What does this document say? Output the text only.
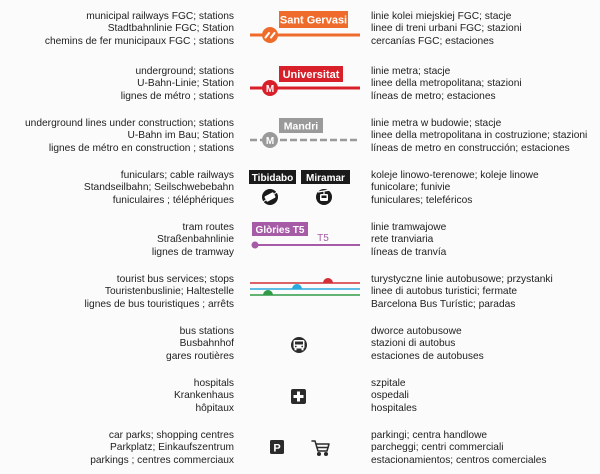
municipal railways FGC; stations
Stadtbahnlinie FGC; Station
chemins de fer municipaux FGC ; stations
Sant Gervasi linie kolei miejskiej FGC; stacje
linee di treni urbani FGC; stazioni
cercanías FGC; estaciones
underground; stations
U-Bahn-Linie; Station
lignes de métro ; stations
Universitat
M
linie metra; stacje
linee della metropolitana; stazioni
líneas de metro; estaciones
underground lines under construction; stations
U-Bahn im Bau; Station
lignes de métro en construction ; stations
Mandri
M
linie metra w budowie; stacje
linee della metropolitana in costruzione; stazioni
líneas de metro en construcción; estaciones
funiculars; cable railways
Standseilbahn; Seilschwebebahn
funiculaires ; téléphériques
Tibidabo Miramar	koleje linowo-terenowe; koleje linowe
funicolare; funivie
funiculares; teleféricos
tram routes
Straßenbahnlinie
lignes de tramway
Glòries T5
T5
linie tramwajowe
rete tranviaria
líneas de tranvía
tourist bus services; stops
Touristenbuslinie; Haltestelle
lignes de bus touristiques ; arrêts
turystyczne linie autobusowe; przystanki
linee di autobus turistici; fermate
Barcelona Bus Turístic; paradas
bus stations
Busbahnhof
gares routières
dworce autobusowe
stazioni di autobus
estaciones de autobuses
hospitals
Krankenhaus
hôpitaux
szpitale
ospedali
hospitales
car parks; shopping centres
Parkplatz; Einkaufszentrum
parkings ; centres commerciaux
P
parkingi; centra handlowe
parcheggi; centri commerciali
estacionamientos; centros comerciales
